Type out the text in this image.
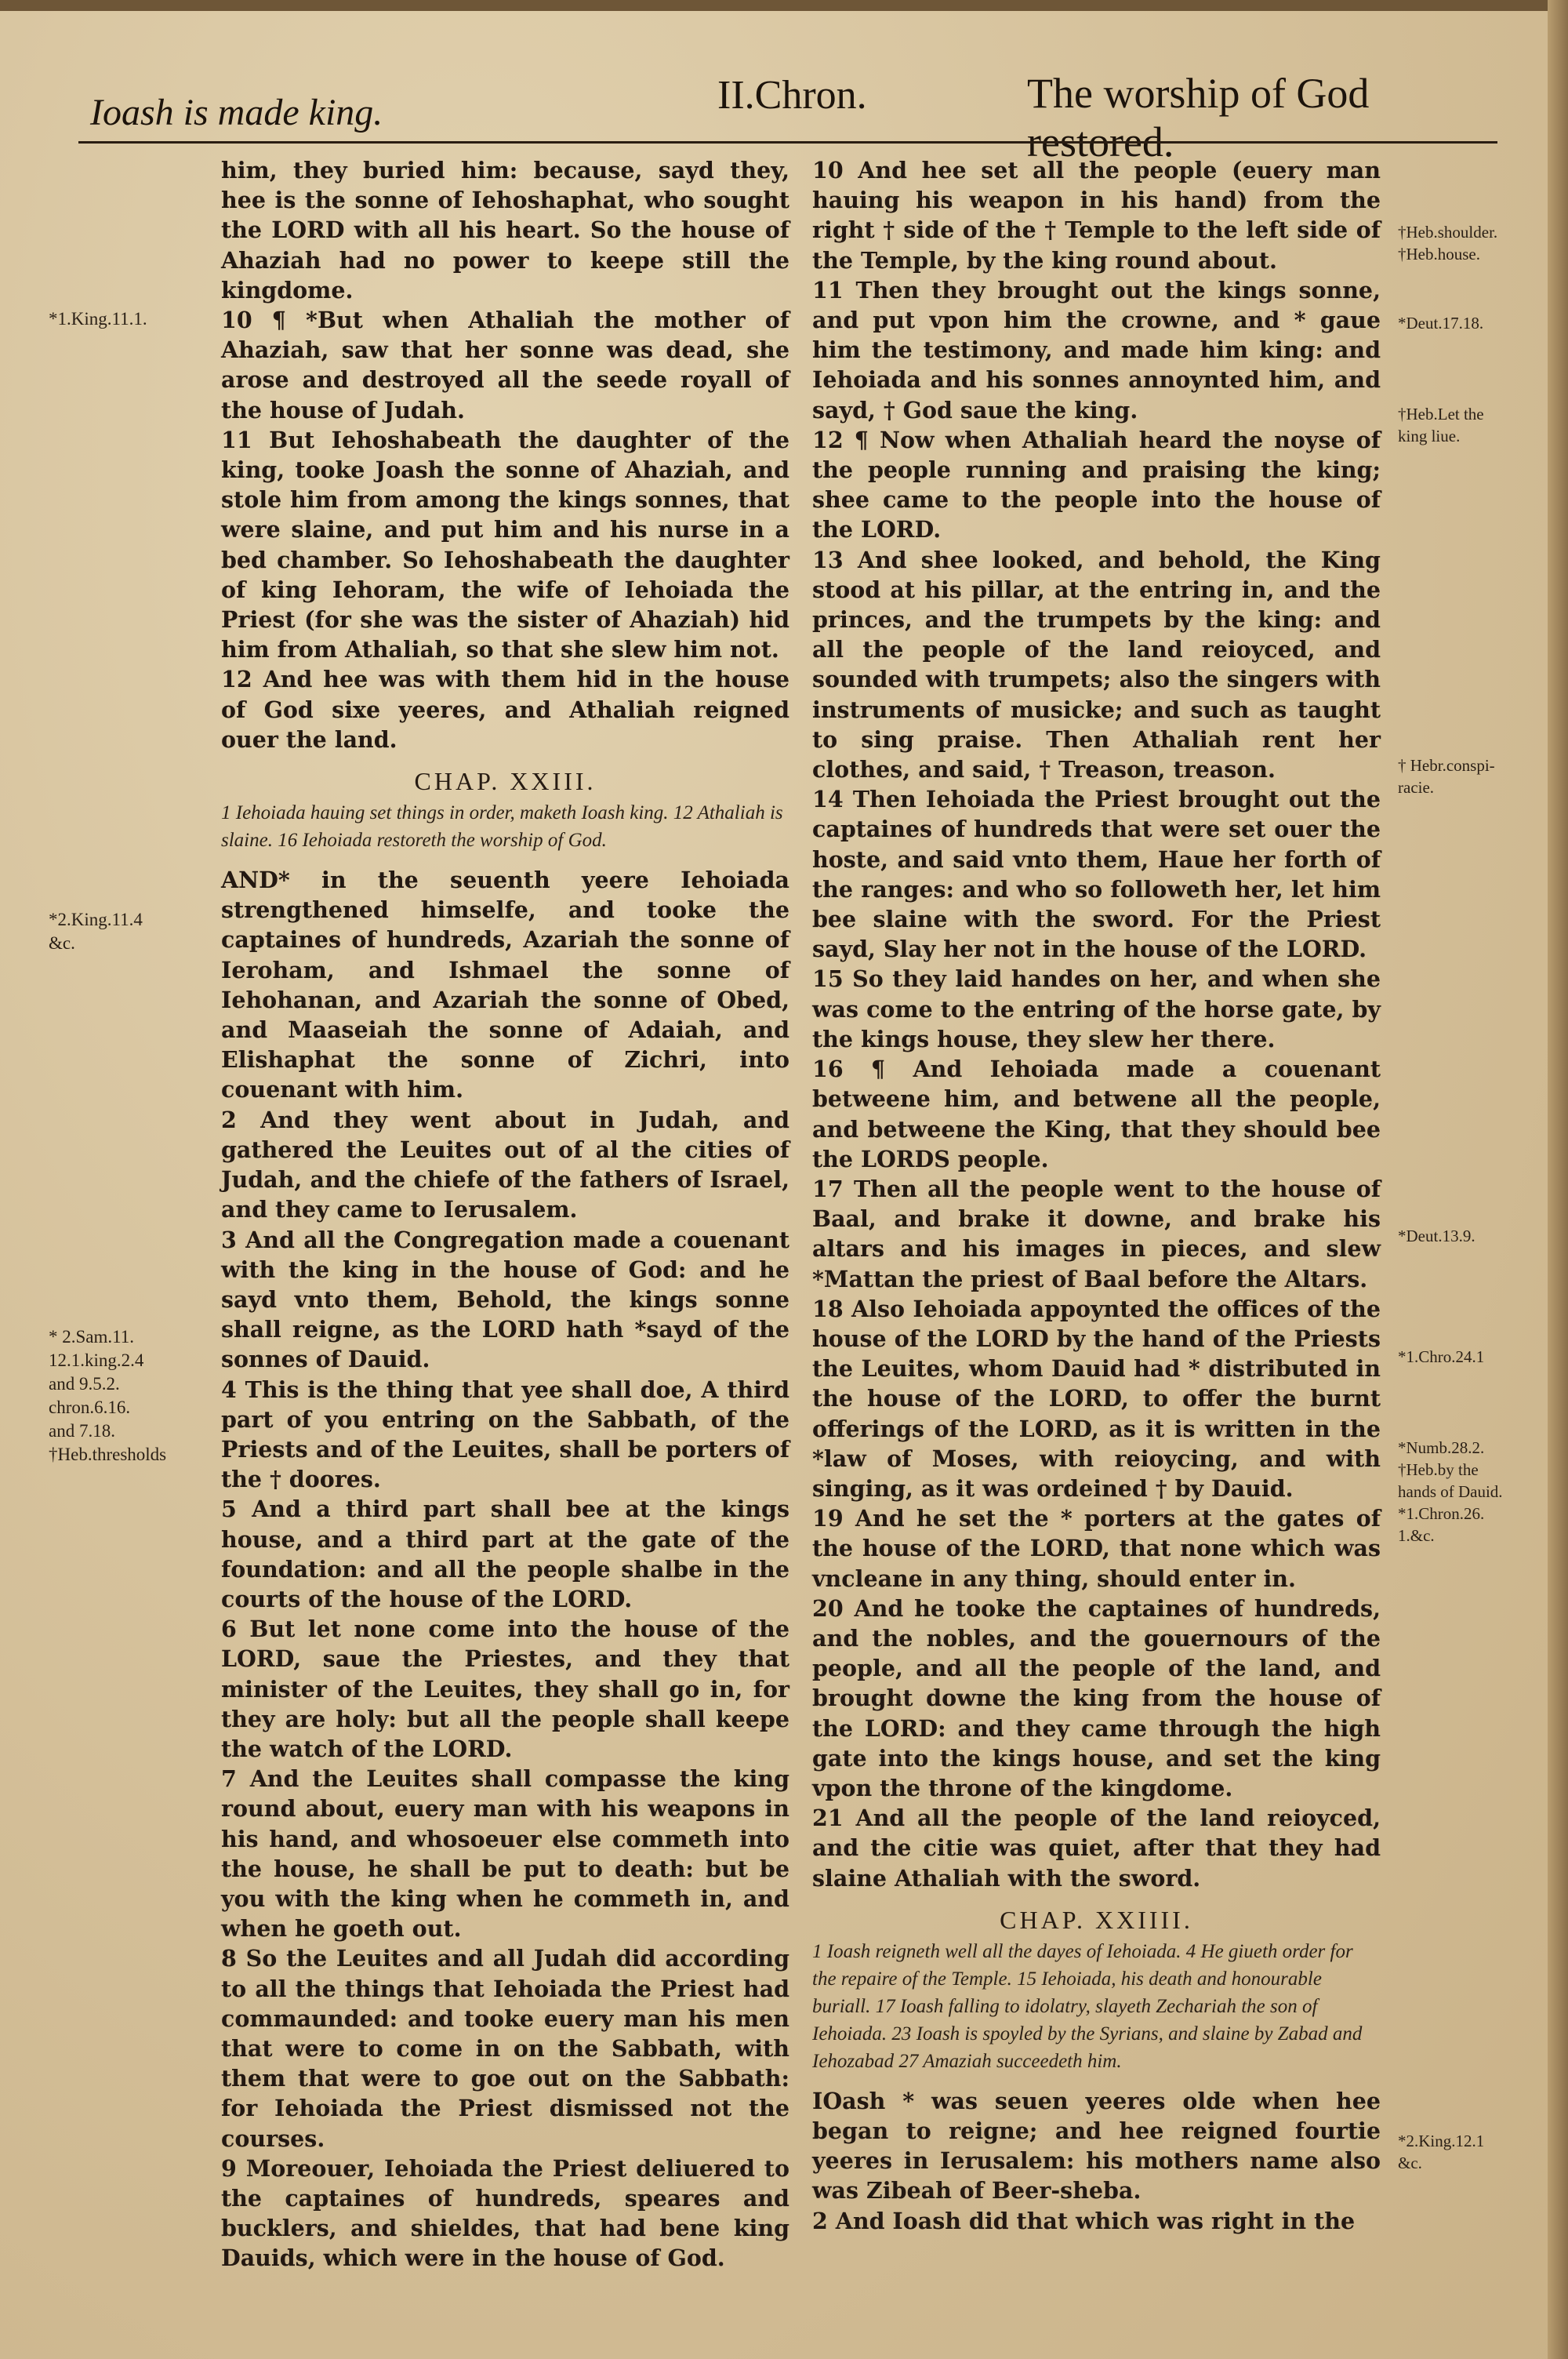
Ioash is made king.	II.Chron.	The worship of God restored.
*1.King.11.1.
*2.King.11.4
&c.
* 2.Sam.11.
12.1.king.2.4
and 9.5.2.
chron.6.16.
and 7.18.
†Heb.thresholds
†Heb.shoulder.
†Heb.house.
*Deut.17.18.
†Heb.Let the
king liue.
† Hebr.conspi-
racie.
*Deut.13.9.
*1.Chro.24.1
*Numb.28.2.
†Heb.by the
hands of Dauid.
*1.Chron.26.
1.&c.
*2.King.12.1
&c.

him, they buried him: because, sayd they, hee is the sonne of Iehoshaphat, who sought the LORD with all his heart. So the house of Ahaziah had no power to keepe still the kingdome.

10 ¶ *But when Athaliah the mother of Ahaziah, saw that her sonne was dead, she arose and destroyed all the seede royall of the house of Judah.

11 But Iehoshabeath the daughter of the king, tooke Joash the sonne of Ahaziah, and stole him from among the kings sonnes, that were slaine, and put him and his nurse in a bed chamber. So Iehoshabeath the daughter of king Iehoram, the wife of Iehoiada the Priest (for she was the sister of Ahaziah) hid him from Athaliah, so that she slew him not.

12 And hee was with them hid in the house of God sixe yeeres, and Athaliah reigned ouer the land.

CHAP. XXIII.

1 Iehoiada hauing set things in order, maketh Ioash king. 12 Athaliah is slaine. 16 Iehoiada restoreth the worship of God.

AND* in the seuenth yeere Iehoiada strengthened himselfe, and tooke the captaines of hundreds, Azariah the sonne of Ieroham, and Ishmael the sonne of Iehohanan, and Azariah the sonne of Obed, and Maaseiah the sonne of Adaiah, and Elishaphat the sonne of Zichri, into couenant with him.

2 And they went about in Judah, and gathered the Leuites out of al the cities of Judah, and the chiefe of the fathers of Israel, and they came to Ierusalem.

3 And all the Congregation made a couenant with the king in the house of God: and he sayd vnto them, Behold, the kings sonne shall reigne, as the LORD hath *sayd of the sonnes of Dauid.

4 This is the thing that yee shall doe, A third part of you entring on the Sabbath, of the Priests and of the Leuites, shall be porters of the † doores.

5 And a third part shall bee at the kings house, and a third part at the gate of the foundation: and all the people shalbe in the courts of the house of the LORD.

6 But let none come into the house of the LORD, saue the Priestes, and they that minister of the Leuites, they shall go in, for they are holy: but all the people shall keepe the watch of the LORD.

7 And the Leuites shall compasse the king round about, euery man with his weapons in his hand, and whosoeuer else commeth into the house, he shall be put to death: but be you with the king when he commeth in, and when he goeth out.

8 So the Leuites and all Judah did according to all the things that Iehoiada the Priest had commaunded: and tooke euery man his men that were to come in on the Sabbath, with them that were to goe out on the Sabbath: for Iehoiada the Priest dismissed not the courses.

9 Moreouer, Iehoiada the Priest deliuered to the captaines of hundreds, speares and bucklers, and shieldes, that had bene king Dauids, which were in the house of God.

10 And hee set all the people (euery man hauing his weapon in his hand) from the right † side of the † Temple to the left side of the Temple, by the king round about.

11 Then they brought out the kings sonne, and put vpon him the crowne, and * gaue him the testimony, and made him king: and Iehoiada and his sonnes annoynted him, and sayd, † God saue the king.

12 ¶ Now when Athaliah heard the noyse of the people running and praising the king; shee came to the people into the house of the LORD.

13 And shee looked, and behold, the King stood at his pillar, at the entring in, and the princes, and the trumpets by the king: and all the people of the land reioyced, and sounded with trumpets; also the singers with instruments of musicke; and such as taught to sing praise. Then Athaliah rent her clothes, and said, † Treason, treason.

14 Then Iehoiada the Priest brought out the captaines of hundreds that were set ouer the hoste, and said vnto them, Haue her forth of the ranges: and who so followeth her, let him bee slaine with the sword. For the Priest sayd, Slay her not in the house of the LORD.

15 So they laid handes on her, and when she was come to the entring of the horse gate, by the kings house, they slew her there.

16 ¶ And Iehoiada made a couenant betweene him, and betwene all the people, and betweene the King, that they should bee the LORDS people.

17 Then all the people went to the house of Baal, and brake it downe, and brake his altars and his images in pieces, and slew *Mattan the priest of Baal before the Altars.

18 Also Iehoiada appoynted the offices of the house of the LORD by the hand of the Priests the Leuites, whom Dauid had * distributed in the house of the LORD, to offer the burnt offerings of the LORD, as it is written in the *law of Moses, with reioycing, and with singing, as it was ordeined † by Dauid.

19 And he set the * porters at the gates of the house of the LORD, that none which was vncleane in any thing, should enter in.

20 And he tooke the captaines of hundreds, and the nobles, and the gouernours of the people, and all the people of the land, and brought downe the king from the house of the LORD: and they came through the high gate into the kings house, and set the king vpon the throne of the kingdome.

21 And all the people of the land reioyced, and the citie was quiet, after that they had slaine Athaliah with the sword.

CHAP. XXIIII.

1 Ioash reigneth well all the dayes of Iehoiada. 4 He giueth order for the repaire of the Temple. 15 Iehoiada, his death and honourable buriall. 17 Ioash falling to idolatry, slayeth Zechariah the son of Iehoiada. 23 Ioash is spoyled by the Syrians, and slaine by Zabad and Iehozabad 27 Amaziah succeedeth him.

IOash * was seuen yeeres olde when hee began to reigne; and hee reigned fourtie yeeres in Ierusalem: his mothers name also was Zibeah of Beer-sheba.

2 And Ioash did that which was right in the
